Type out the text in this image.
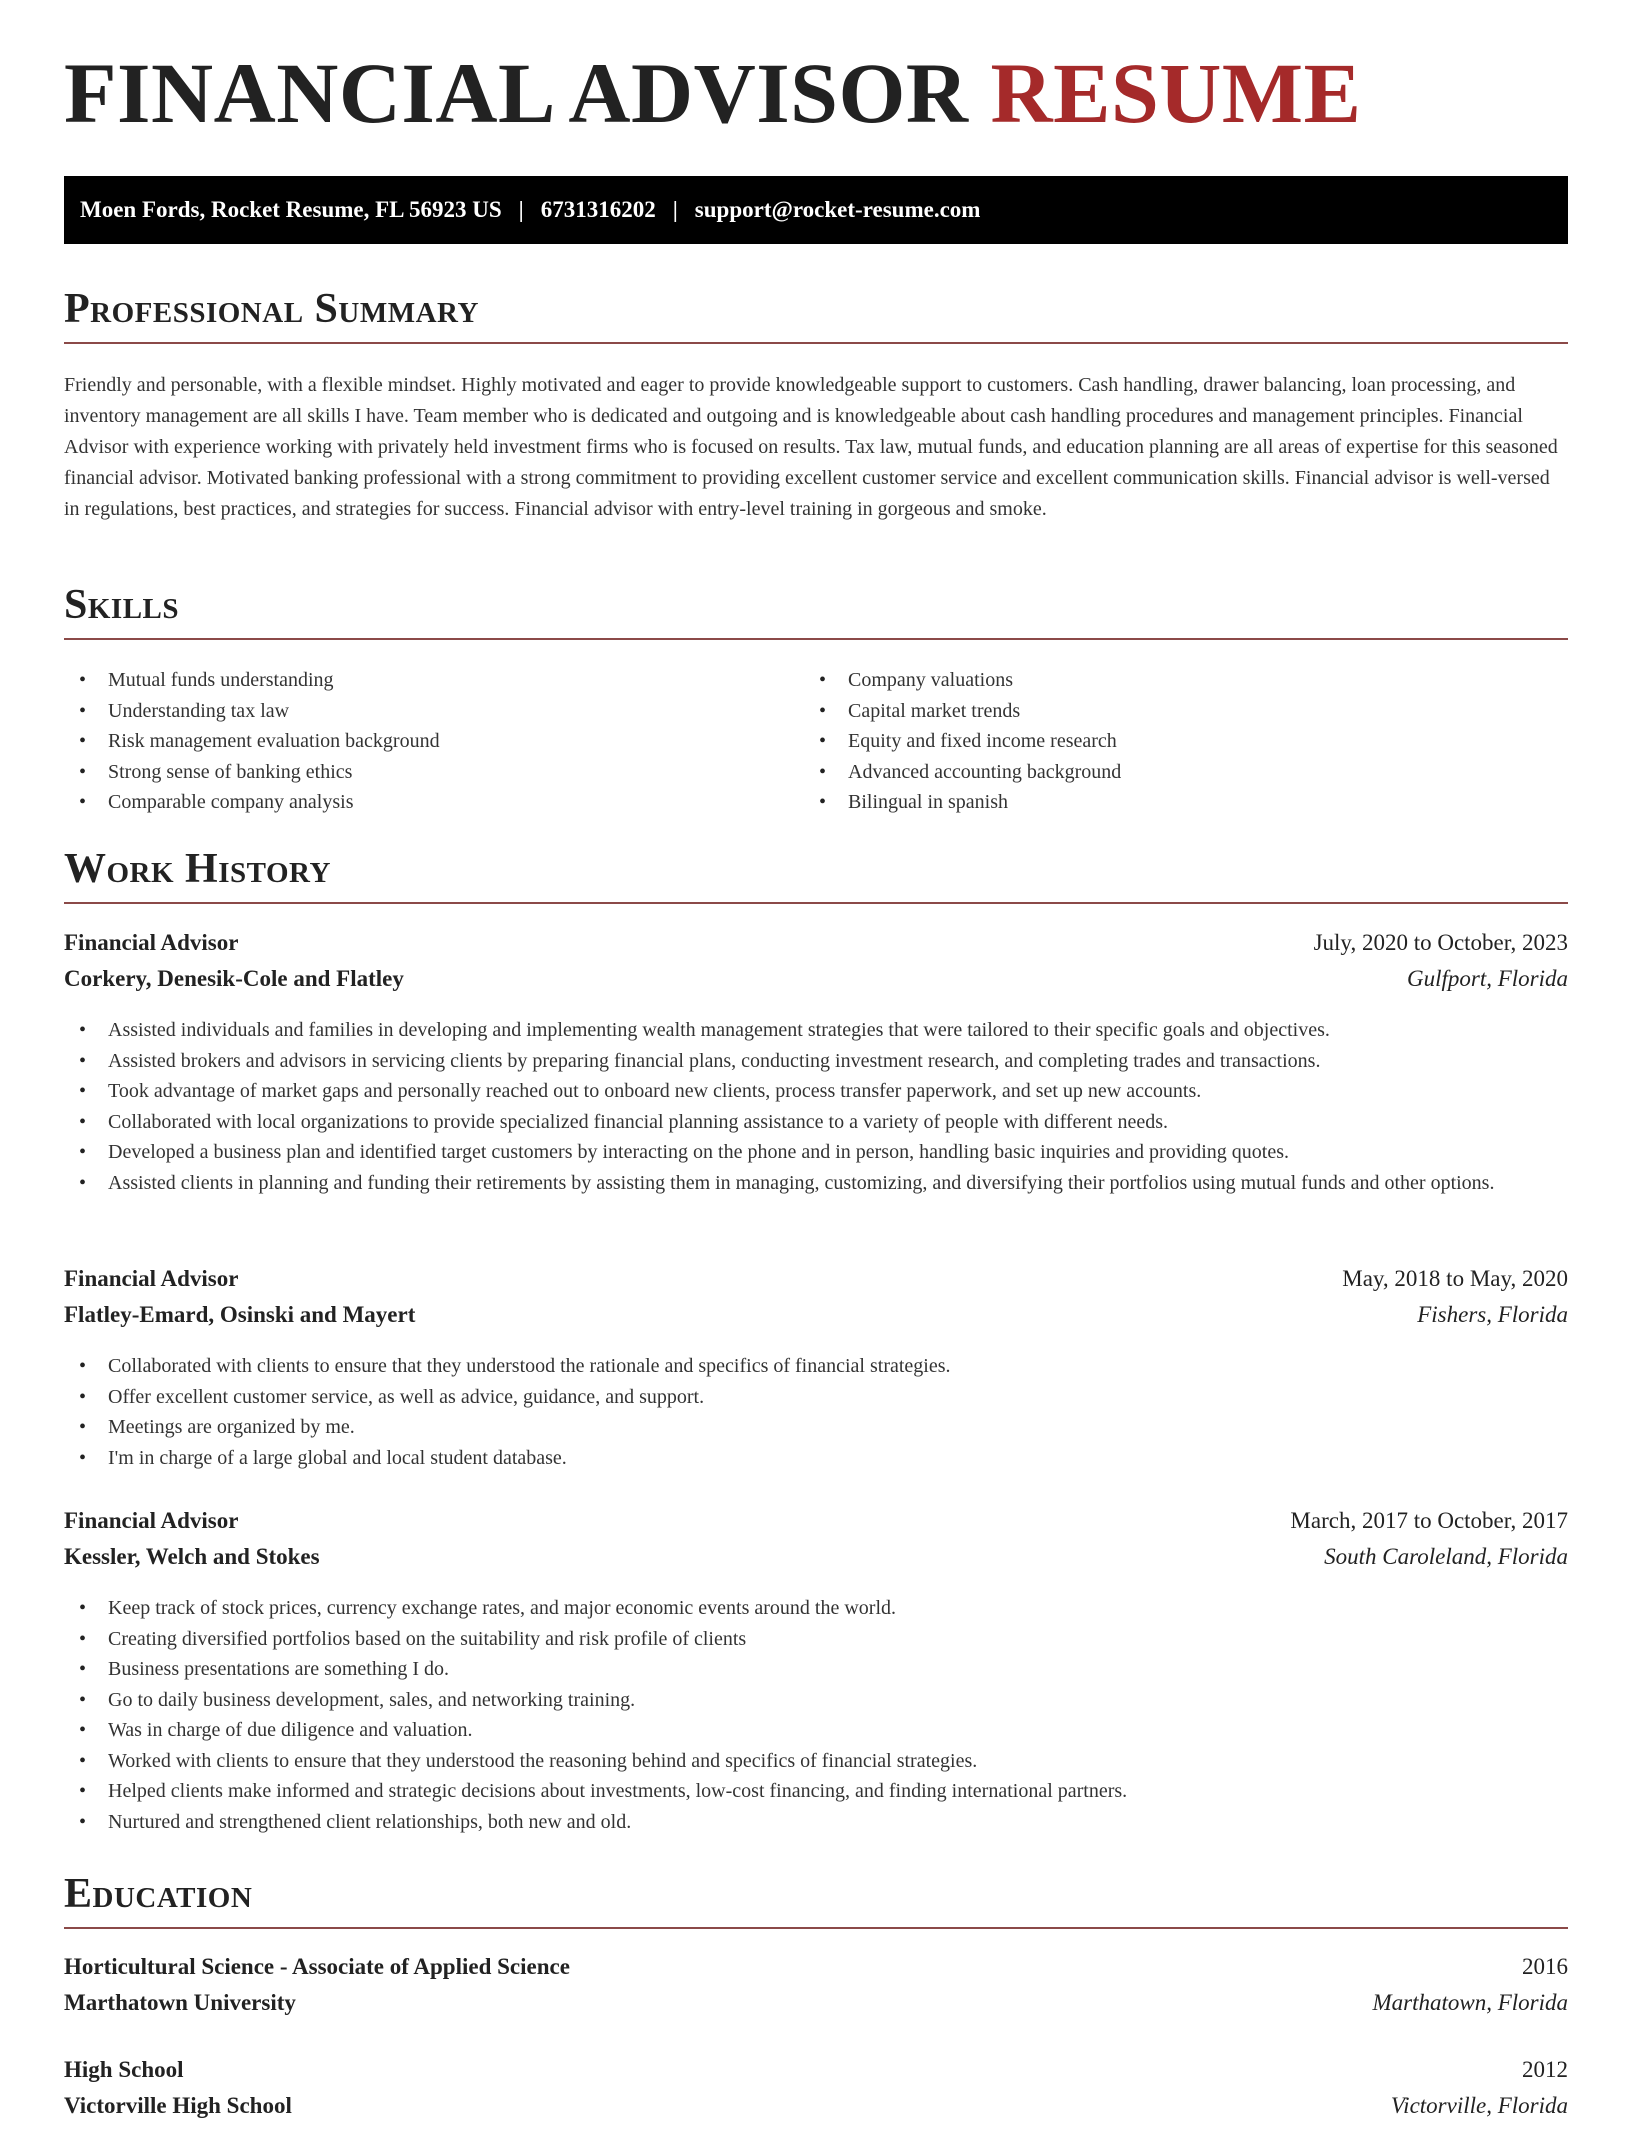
FINANCIAL ADVISOR RESUME
Moen Fords, Rocket Resume, FL 56923 US | 6731316202 | support@rocket-resume.com
Professional Summary

Friendly and personable, with a flexible mindset. Highly motivated and eager to provide knowledgeable support to customers. Cash handling, drawer balancing, loan processing, and inventory management are all skills I have. Team member who is dedicated and outgoing and is knowledgeable about cash handling procedures and management principles. Financial Advisor with experience working with privately held investment firms who is focused on results. Tax law, mutual funds, and education planning are all areas of expertise for this seasoned financial advisor. Motivated banking professional with a strong commitment to providing excellent customer service and excellent communication skills. Financial advisor is well-versed in regulations, best practices, and strategies for success. Financial advisor with entry-level training in gorgeous and smoke.

Skills
• Mutual funds understanding
• Understanding tax law
• Risk management evaluation background
• Strong sense of banking ethics
• Comparable company analysis
• Company valuations
• Capital market trends
• Equity and fixed income research
• Advanced accounting background
• Bilingual in spanish
Work History
Financial Advisor	July, 2020 to October, 2023
Corkery, Denesik-Cole and Flatley	Gulfport, Florida
• Assisted individuals and families in developing and implementing wealth management strategies that were tailored to their specific goals and objectives.
• Assisted brokers and advisors in servicing clients by preparing financial plans, conducting investment research, and completing trades and transactions.
• Took advantage of market gaps and personally reached out to onboard new clients, process transfer paperwork, and set up new accounts.
• Collaborated with local organizations to provide specialized financial planning assistance to a variety of people with different needs.
• Developed a business plan and identified target customers by interacting on the phone and in person, handling basic inquiries and providing quotes.
• Assisted clients in planning and funding their retirements by assisting them in managing, customizing, and diversifying their portfolios using mutual funds and other options.
Financial Advisor	May, 2018 to May, 2020
Flatley-Emard, Osinski and Mayert	Fishers, Florida
• Collaborated with clients to ensure that they understood the rationale and specifics of financial strategies.
• Offer excellent customer service, as well as advice, guidance, and support.
• Meetings are organized by me.
• I'm in charge of a large global and local student database.
Financial Advisor	March, 2017 to October, 2017
Kessler, Welch and Stokes	South Caroleland, Florida
• Keep track of stock prices, currency exchange rates, and major economic events around the world.
• Creating diversified portfolios based on the suitability and risk profile of clients
• Business presentations are something I do.
• Go to daily business development, sales, and networking training.
• Was in charge of due diligence and valuation.
• Worked with clients to ensure that they understood the reasoning behind and specifics of financial strategies.
• Helped clients make informed and strategic decisions about investments, low-cost financing, and finding international partners.
• Nurtured and strengthened client relationships, both new and old.
Education
Horticultural Science - Associate of Applied Science	2016
Marthatown University	Marthatown, Florida
High School	2012
Victorville High School	Victorville, Florida
